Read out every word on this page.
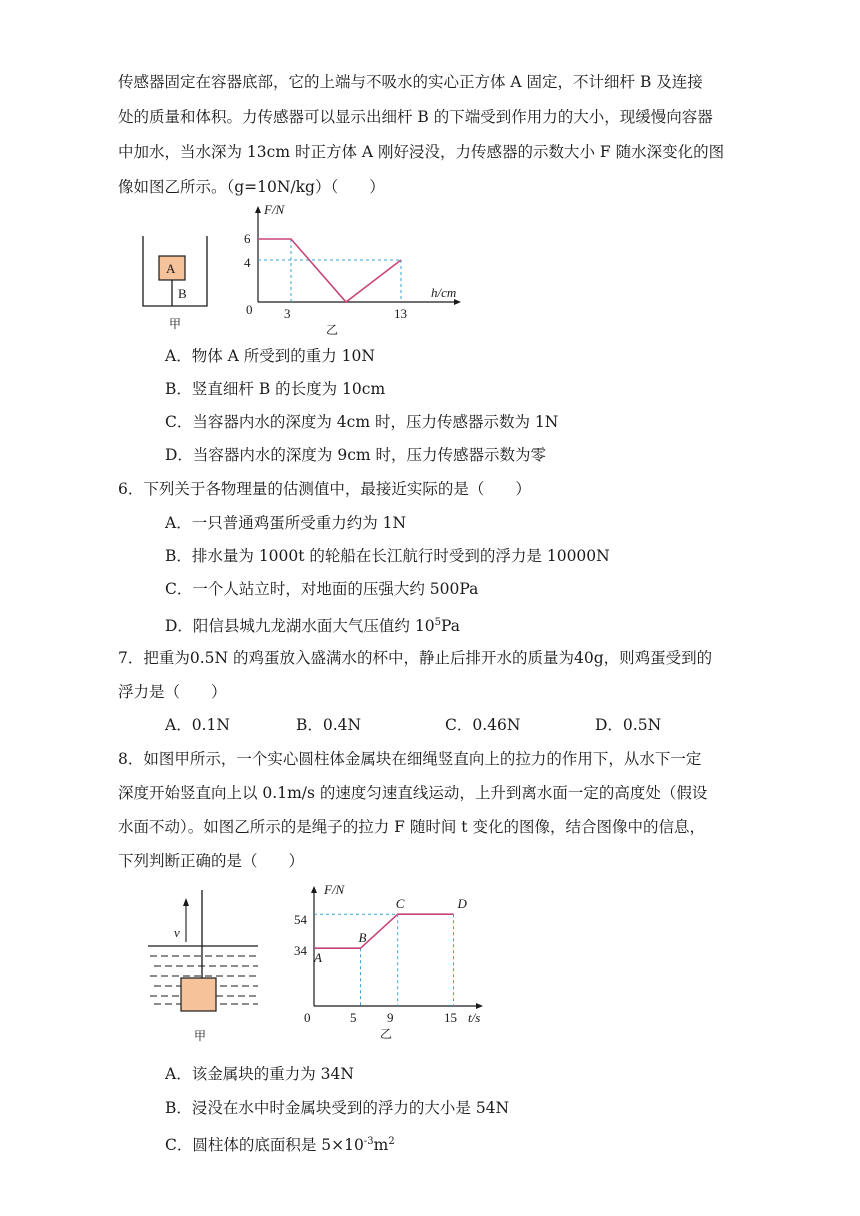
传感器固定在容器底部，它的上端与不吸水的实心正方体 A 固定，不计细杆 B 及连接
处的质量和体积。力传感器可以显示出细杆 B 的下端受到作用力的大小，现缓慢向容器
中加水，当水深为 13cm 时正方体 A 刚好浸没，力传感器的示数大小 F 随水深变化的图
像如图乙所示。（g=10N/kg）（　　）
A
B
甲
F/N
h/cm
0
6
4
3	13
乙
A．物体 A 所受到的重力 10N
B．竖直细杆 B 的长度为 10cm
C．当容器内水的深度为 4cm 时，压力传感器示数为 1N
D．当容器内水的深度为 9cm 时，压力传感器示数为零
6．下列关于各物理量的估测值中，最接近实际的是（　　）
A．一只普通鸡蛋所受重力约为 1N
B．排水量为 1000t 的轮船在长江航行时受到的浮力是 10000N
C．一个人站立时，对地面的压强大约 500Pa
D．阳信县城九龙湖水面大气压值约 $10^5Pa$
7．把重为0.5N 的鸡蛋放入盛满水的杯中，静止后排开水的质量为40g，则鸡蛋受到的
浮力是（　　）
A．0.1N	B．0.4N	C．0.46N	D．0.5N
8．如图甲所示，一个实心圆柱体金属块在细绳竖直向上的拉力的作用下，从水下一定
深度开始竖直向上以 0.1m/s 的速度匀速直线运动，上升到离水面一定的高度处（假设
水面不动）。如图乙所示的是绳子的拉力 F 随时间 t 变化的图像，结合图像中的信息，
下列判断正确的是（　　）
v
甲
A
B
C	D
F/N
t/s
0
54
34
5 9	15
乙
A．该金属块的重力为 34N
B．浸没在水中时金属块受到的浮力的大小是 54N
C．圆柱体的底面积是 $5\times 10^{-3}m^2$
